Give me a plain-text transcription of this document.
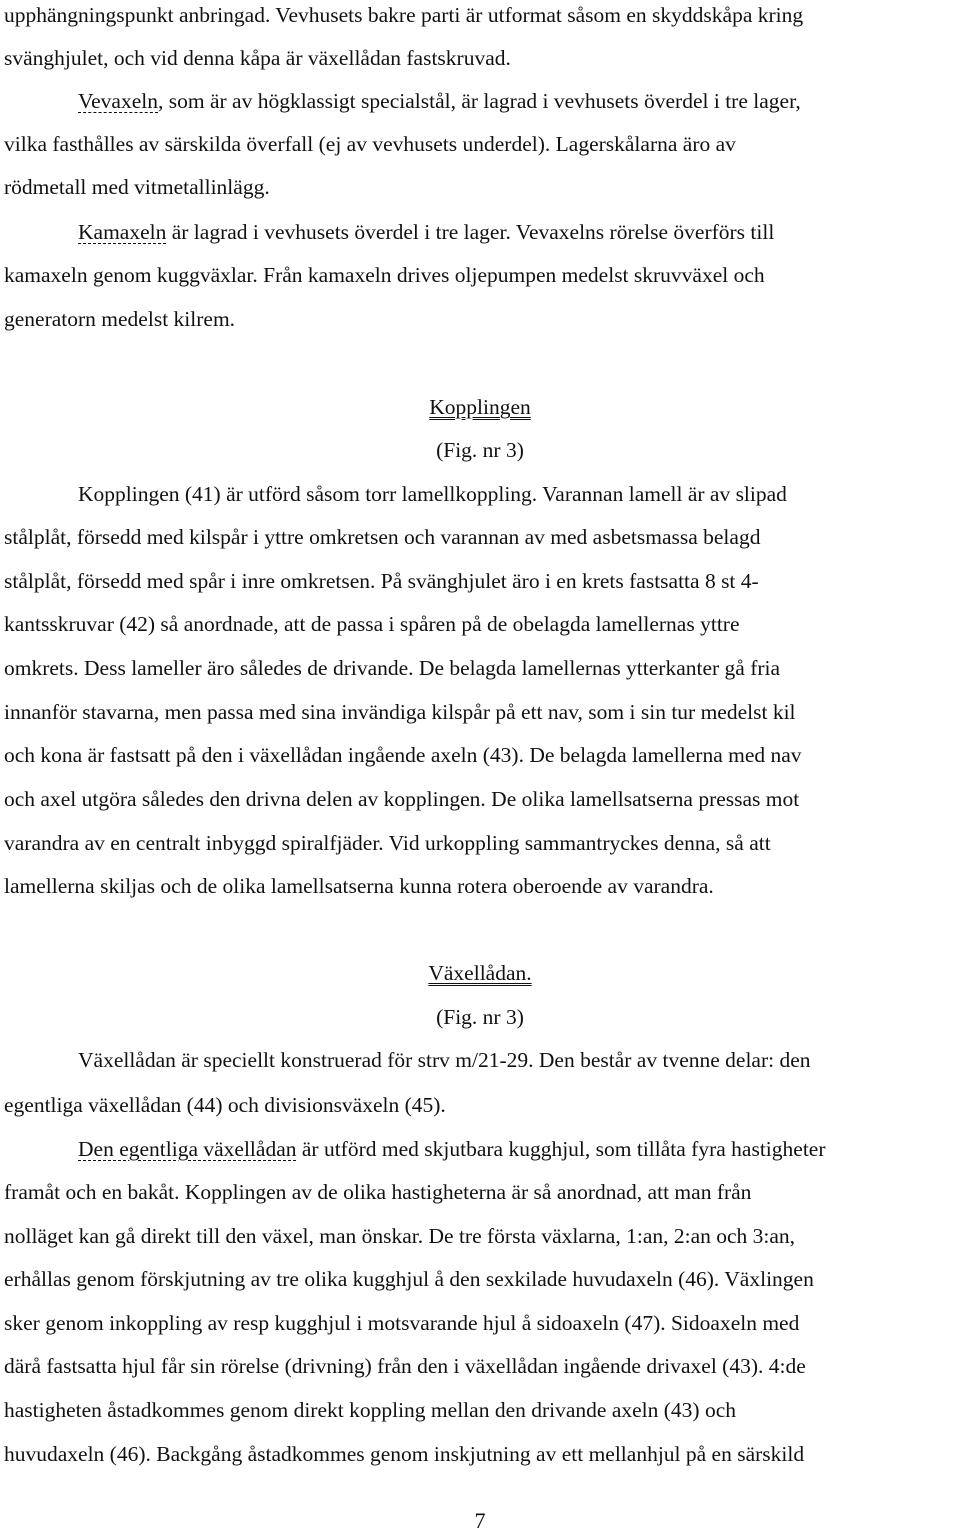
upphängningspunkt anbringad. Vevhusets bakre parti är utformat såsom en skyddskåpa kring
svänghjulet, och vid denna kåpa är växellådan fastskruvad.
Vevaxeln, som är av högklassigt specialstål, är lagrad i vevhusets överdel i tre lager,
vilka fasthålles av särskilda överfall (ej av vevhusets underdel). Lagerskålarna äro av
rödmetall med vitmetallinlägg.
Kamaxeln är lagrad i vevhusets överdel i tre lager. Vevaxelns rörelse överförs till
kamaxeln genom kuggväxlar. Från kamaxeln drives oljepumpen medelst skruvväxel och
generatorn medelst kilrem.
Kopplingen
(Fig. nr 3)
Kopplingen (41) är utförd såsom torr lamellkoppling. Varannan lamell är av slipad
stålplåt, försedd med kilspår i yttre omkretsen och varannan av med asbetsmassa belagd
stålplåt, försedd med spår i inre omkretsen. På svänghjulet äro i en krets fastsatta 8 st 4-
kantsskruvar (42) så anordnade, att de passa i spåren på de obelagda lamellernas yttre
omkrets. Dess lameller äro således de drivande. De belagda lamellernas ytterkanter gå fria
innanför stavarna, men passa med sina invändiga kilspår på ett nav, som i sin tur medelst kil
och kona är fastsatt på den i växellådan ingående axeln (43). De belagda lamellerna med nav
och axel utgöra således den drivna delen av kopplingen. De olika lamellsatserna pressas mot
varandra av en centralt inbyggd spiralfjäder. Vid urkoppling sammantryckes denna, så att
lamellerna skiljas och de olika lamellsatserna kunna rotera oberoende av varandra.
Växellådan.
(Fig. nr 3)
Växellådan är speciellt konstruerad för strv m/21-29. Den består av tvenne delar: den
egentliga växellådan (44) och divisionsväxeln (45).
Den egentliga växellådan är utförd med skjutbara kugghjul, som tillåta fyra hastigheter
framåt och en bakåt. Kopplingen av de olika hastigheterna är så anordnad, att man från
nolläget kan gå direkt till den växel, man önskar. De tre första växlarna, 1:an, 2:an och 3:an,
erhållas genom förskjutning av tre olika kugghjul å den sexkilade huvudaxeln (46). Växlingen
sker genom inkoppling av resp kugghjul i motsvarande hjul å sidoaxeln (47). Sidoaxeln med
därå fastsatta hjul får sin rörelse (drivning) från den i växellådan ingående drivaxel (43). 4:de
hastigheten åstadkommes genom direkt koppling mellan den drivande axeln (43) och
huvudaxeln (46). Backgång åstadkommes genom inskjutning av ett mellanhjul på en särskild
7
